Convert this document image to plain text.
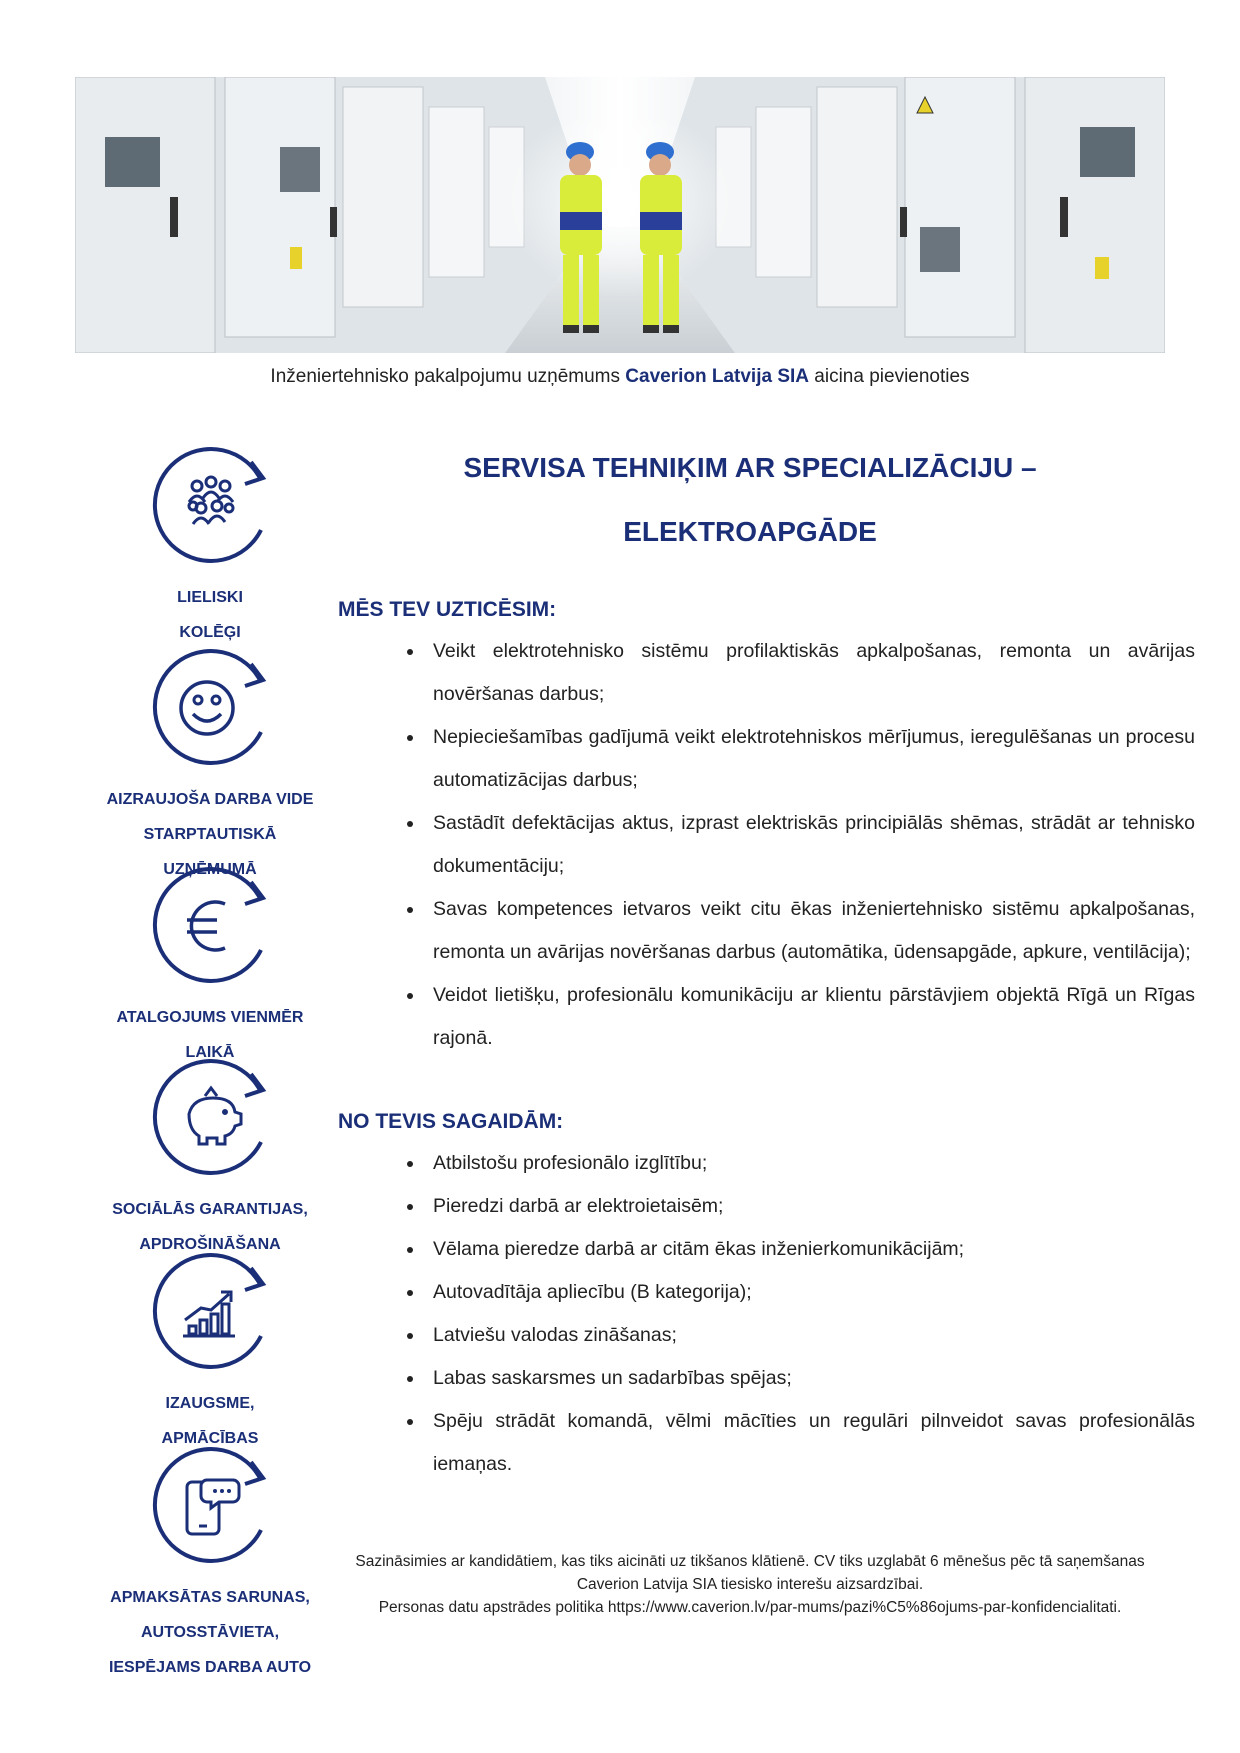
Inženiertehnisko pakalpojumu uzņēmums Caverion Latvija SIA aicina pievienoties
LIELISKI
KOLĒĢI
AIZRAUJOŠA DARBA VIDE
STARPTAUTISKĀ
UZŅĒMUMĀ
ATALGOJUMS VIENMĒR
LAIKĀ
SOCIĀLĀS GARANTIJAS,
APDROŠINĀŠANA
IZAUGSME,
APMĀCĪBAS
APMAKSĀTAS SARUNAS,
AUTOSSTĀVIETA,
IESPĒJAMS DARBA AUTO
SERVISA TEHNIĶIM AR SPECIALIZĀCIJU –
ELEKTROAPGĀDE
MĒS TEV UZTICĒSIM:
• Veikt elektrotehnisko sistēmu profilaktiskās apkalpošanas, remonta un avārijas novēršanas darbus;
• Nepieciešamības gadījumā veikt elektrotehniskos mērījumus, ieregulēšanas un procesu automatizācijas darbus;
• Sastādīt defektācijas aktus, izprast elektriskās principiālās shēmas, strādāt ar tehnisko dokumentāciju;
• Savas kompetences ietvaros veikt citu ēkas inženiertehnisko sistēmu apkalpošanas, remonta un avārijas novēršanas darbus (automātika, ūdensapgāde, apkure, ventilācija);
• Veidot lietišķu, profesionālu komunikāciju ar klientu pārstāvjiem objektā Rīgā un Rīgas rajonā.
NO TEVIS SAGAIDĀM:
• Atbilstošu profesionālo izglītību;
• Pieredzi darbā ar elektroietaisēm;
• Vēlama pieredze darbā ar citām ēkas inženierkomunikācijām;
• Autovadītāja apliecību (B kategorija);
• Latviešu valodas zināšanas;
• Labas saskarsmes un sadarbības spējas;
• Spēju strādāt komandā, vēlmi mācīties un regulāri pilnveidot savas profesionālās iemaņas.
Sazināsimies ar kandidātiem, kas tiks aicināti uz tikšanos klātienē. CV tiks uzglabāt 6 mēnešus pēc tā saņemšanas Caverion Latvija SIA tiesisko interešu aizsardzībai.
Personas datu apstrādes politika https://www.caverion.lv/par-mums/pazi%C5%86ojums-par-konfidencialitati.
